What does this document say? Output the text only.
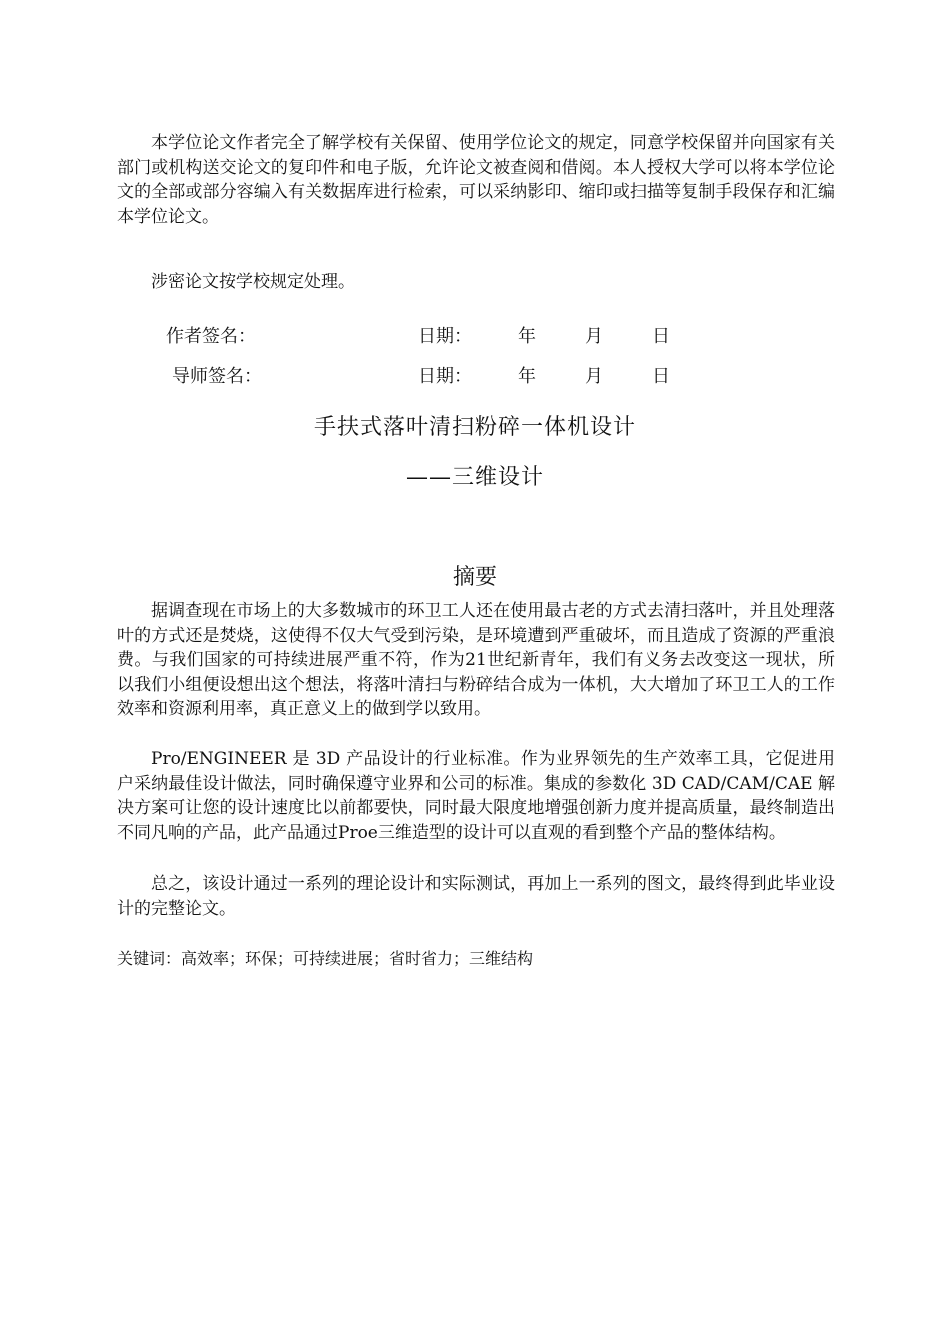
本学位论文作者完全了解学校有关保留、使用学位论文的规定，同意学校保留并向国家有关部门或机构送交论文的复印件和电子版，允许论文被查阅和借阅。本人授权大学可以将本学位论文的全部或部分容编入有关数据库进行检索，可以采纳影印、缩印或扫描等复制手段保存和汇编本学位论文。

涉密论文按学校规定处理。

作者签名：	日期：	年	月	日
导师签名：	日期：	年	月	日
手扶式落叶清扫粉碎一体机设计
——三维设计
摘要

据调查现在市场上的大多数城市的环卫工人还在使用最古老的方式去清扫落叶，并且处理落叶的方式还是焚烧，这使得不仅大气受到污染，是环境遭到严重破坏，而且造成了资源的严重浪费。与我们国家的可持续进展严重不符，作为21世纪新青年，我们有义务去改变这一现状，所以我们小组便设想出这个想法，将落叶清扫与粉碎结合成为一体机，大大增加了环卫工人的工作效率和资源利用率，真正意义上的做到学以致用。

Pro/ENGINEER 是 3D 产品设计的行业标准。作为业界领先的生产效率工具，它促进用户采纳最佳设计做法，同时确保遵守业界和公司的标准。集成的参数化 3D CAD/CAM/CAE 解决方案可让您的设计速度比以前都要快，同时最大限度地增强创新力度并提高质量，最终制造出不同凡响的产品，此产品通过Proe三维造型的设计可以直观的看到整个产品的整体结构。

总之，该设计通过一系列的理论设计和实际测试，再加上一系列的图文，最终得到此毕业设计的完整论文。

关键词：高效率；环保；可持续进展；省时省力；三维结构
